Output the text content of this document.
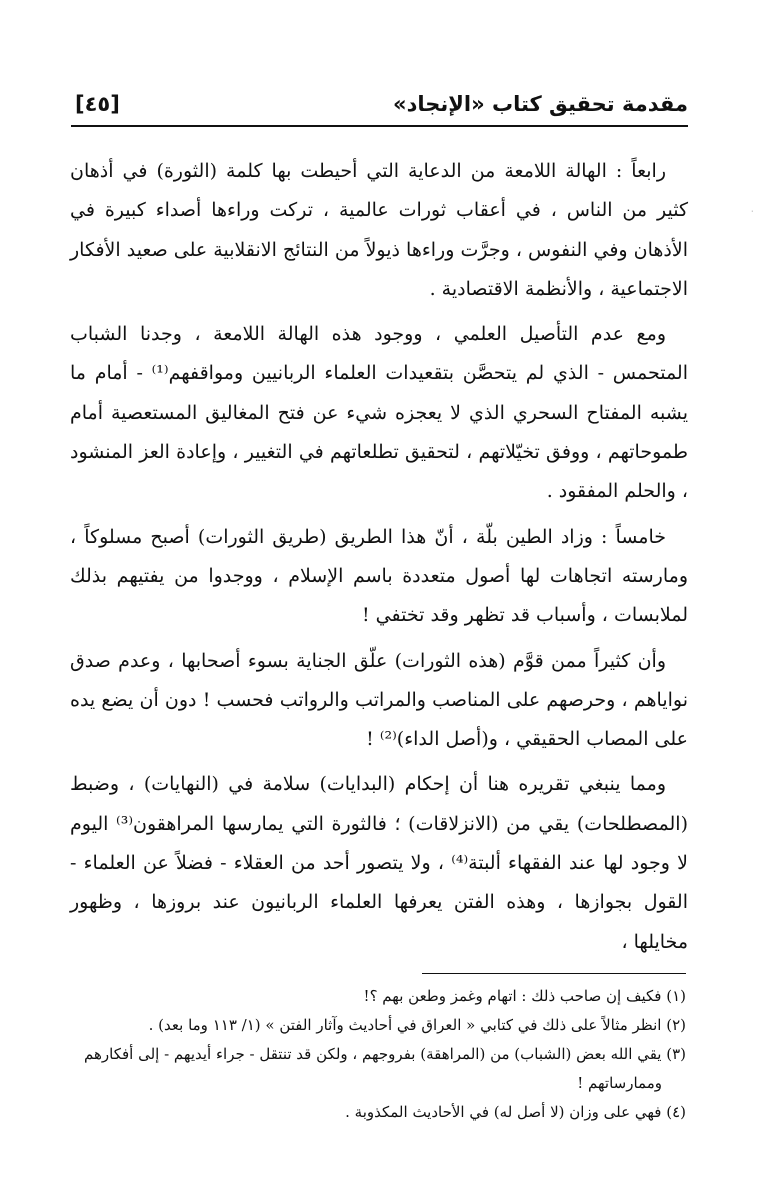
مقدمة تحقيق كتاب «الإنجاد»
[٤٥]
٠

رابعاً : الهالة اللامعة من الدعاية التي أحيطت بها كلمة (الثورة) في أذهان كثير من الناس ، في أعقاب ثورات عالمية ، تركت وراءها أصداء كبيرة في الأذهان وفي النفوس ، وجرَّت وراءها ذيولاً من النتائج الانقلابية على صعيد الأفكار الاجتماعية ، والأنظمة الاقتصادية .

ومع عدم التأصيل العلمي ، ووجود هذه الهالة اللامعة ، وجدنا الشباب المتحمس - الذي لم يتحصَّن بتقعيدات العلماء الربانيين ومواقفهم⁽¹⁾ - أمام ما يشبه المفتاح السحري الذي لا يعجزه شيء عن فتح المغاليق المستعصية أمام طموحاتهم ، ووفق تخيّلاتهم ، لتحقيق تطلعاتهم في التغيير ، وإعادة العز المنشود ، والحلم المفقود .

خامساً : وزاد الطين بلّة ، أنّ هذا الطريق (طريق الثورات) أصبح مسلوكاً ، ومارسته اتجاهات لها أصول متعددة باسم الإسلام ، ووجدوا من يفتيهم بذلك لملابسات ، وأسباب قد تظهر وقد تختفي !

وأن كثيراً ممن قوَّم (هذه الثورات) علّق الجناية بسوء أصحابها ، وعدم صدق نواياهم ، وحرصهم على المناصب والمراتب والرواتب فحسب ! دون أن يضع يده على المصاب الحقيقي ، و(أصل الداء)⁽²⁾ !

ومما ينبغي تقريره هنا أن إحكام (البدايات) سلامة في (النهايات) ، وضبط (المصطلحات) يقي من (الانزلاقات) ؛ فالثورة التي يمارسها المراهقون⁽³⁾ اليوم لا وجود لها عند الفقهاء ألبتة⁽⁴⁾ ، ولا يتصور أحد من العقلاء - فضلاً عن العلماء - القول بجوازها ، وهذه الفتن يعرفها العلماء الربانيون عند بروزها ، وظهور مخايلها ،

(١) فكيف إن صاحب ذلك : اتهام وغمز وطعن بهم ؟!

(٢) انظر مثالاً على ذلك في كتابي « العراق في أحاديث وآثار الفتن » (١/ ١١٣ وما بعد) .

(٣) يقي الله بعض (الشباب) من (المراهقة) بفروجهم ، ولكن قد تنتقل - جراء أيديهم - إلى أفكارهم

وممارساتهم !

(٤) فهي على وزان (لا أصل له) في الأحاديث المكذوبة .
